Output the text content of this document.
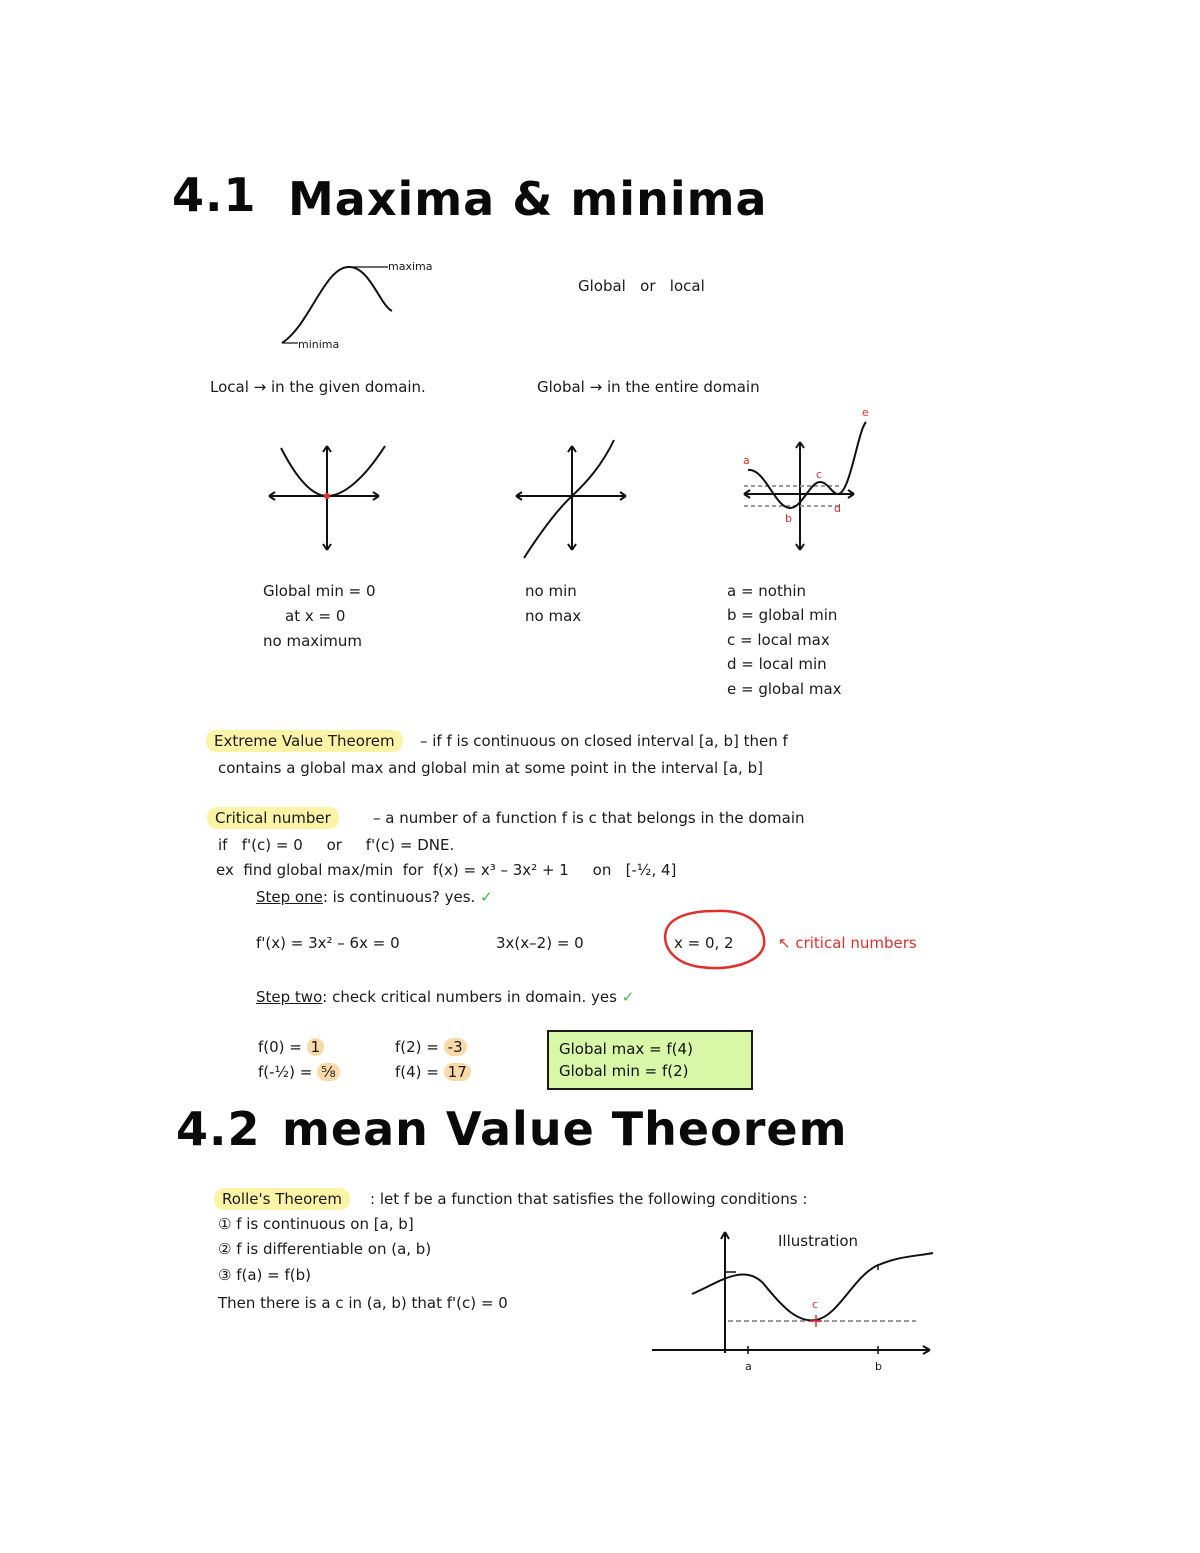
4.1 Maxima & minima
maxima
minima
Global   or   local
Local → in the given domain.	Global → in the entire domain
a
b
c
d
e
Global min = 0
at x = 0
no maximum
no min
no max
a = nothin
b = global min
c = local max
d = local min
e = global max
Extreme Value Theorem	– if f is continuous on closed interval [a, b] then f
contains a global max and global min at some point in the interval [a, b]
Critical number	– a number of a function f is c that belongs in the domain
if   f'(c) = 0     or     f'(c) = DNE.
ex  find global max/min  for  f(x) = x³ – 3x² + 1     on   [-½, 4]
Step one: is continuous? yes. ✓
f'(x) = 3x² – 6x = 0	3x(x–2) = 0	x = 0, 2	↖ critical numbers
Step two: check critical numbers in domain. yes ✓
f(0) = 1
f(-½) = ⁵⁄₈
f(2) = -3
f(4) = 17
Global max = f(4)
Global min = f(2)
4.2 mean Value Theorem
Rolle's Theorem	: let f be a function that satisfies the following conditions :
① f is continuous on [a, b]
② f is differentiable on (a, b)
③ f(a) = f(b)
Then there is a c in (a, b) that f'(c) = 0
Illustration
c
a	b
